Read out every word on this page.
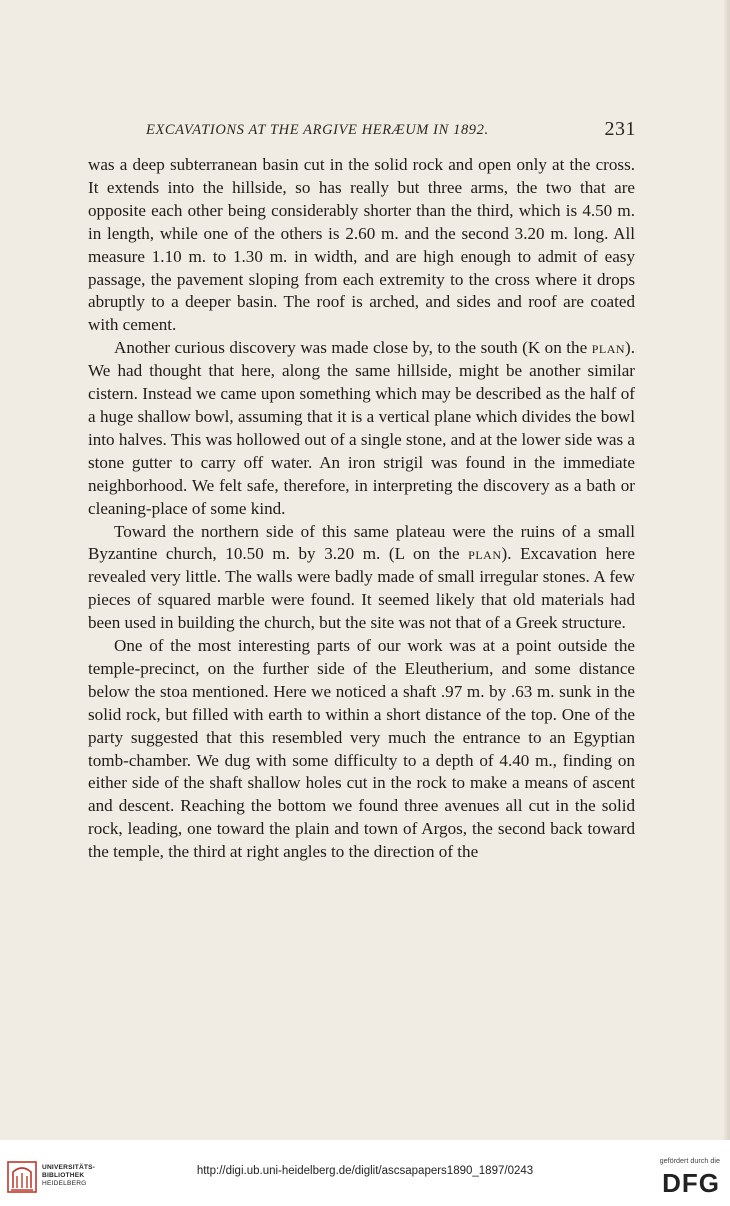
EXCAVATIONS AT THE ARGIVE HERÆUM IN 1892.	231

was a deep subterranean basin cut in the solid rock and open only at the cross. It extends into the hillside, so has really but three arms, the two that are opposite each other being considerably shorter than the third, which is 4.50 m. in length, while one of the others is 2.60 m. and the second 3.20 m. long. All measure 1.10 m. to 1.30 m. in width, and are high enough to admit of easy passage, the pavement sloping from each extremity to the cross where it drops abruptly to a deeper basin. The roof is arched, and sides and roof are coated with cement.

Another curious discovery was made close by, to the south (K on the plan). We had thought that here, along the same hillside, might be another similar cistern. Instead we came upon something which may be described as the half of a huge shallow bowl, assuming that it is a vertical plane which divides the bowl into halves. This was hollowed out of a single stone, and at the lower side was a stone gutter to carry off water. An iron strigil was found in the immediate neighborhood. We felt safe, therefore, in interpreting the discovery as a bath or cleaning-place of some kind.

Toward the northern side of this same plateau were the ruins of a small Byzantine church, 10.50 m. by 3.20 m. (L on the plan). Excavation here revealed very little. The walls were badly made of small irregular stones. A few pieces of squared marble were found. It seemed likely that old materials had been used in building the church, but the site was not that of a Greek structure.

One of the most interesting parts of our work was at a point outside the temple-precinct, on the further side of the Eleutherium, and some distance below the stoa mentioned. Here we noticed a shaft .97 m. by .63 m. sunk in the solid rock, but filled with earth to within a short distance of the top. One of the party suggested that this resembled very much the entrance to an Egyptian tomb-chamber. We dug with some difficulty to a depth of 4.40 m., finding on either side of the shaft shallow holes cut in the rock to make a means of ascent and descent. Reaching the bottom we found three avenues all cut in the solid rock, leading, one toward the plain and town of Argos, the second back toward the temple, the third at right angles to the direction of the

UNIVERSITÄTS-
BIBLIOTHEK
HEIDELBERG
http://digi.ub.uni-heidelberg.de/diglit/ascsapapers1890_1897/0243
gefördert durch die
DFG
